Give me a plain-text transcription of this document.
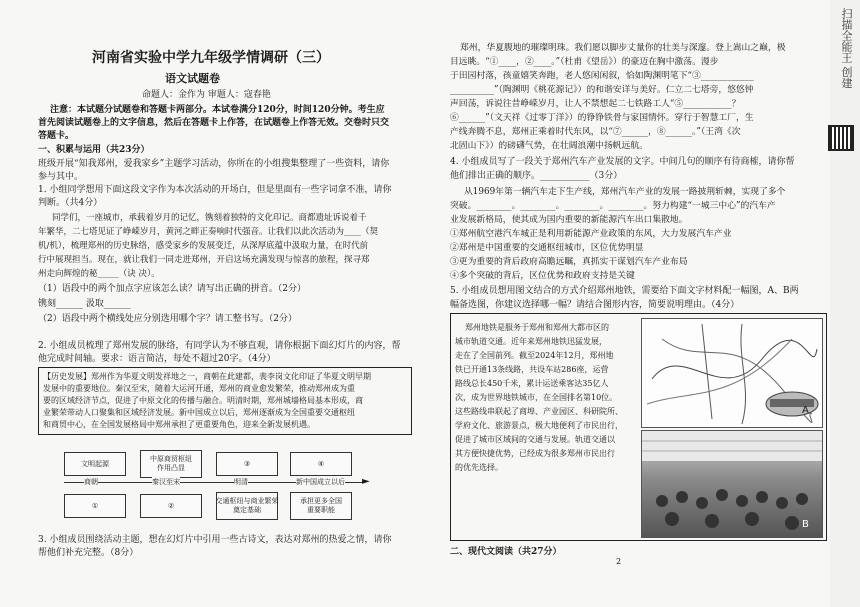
河南省实验中学九年级学情调研（三）
语文试题卷
命题人：金作为 审题人：寇春艳
注意：本试题分试题卷和答题卡两部分。本试卷满分120分，时间120分钟。考生应
首先阅读试题卷上的文字信息，然后在答题卡上作答，在试题卷上作答无效。交卷时只交
答题卡。
一、积累与运用（共23分）
班级开展“知我郑州，爱我家乡”主题学习活动，你所在的小组搜集整理了一些资料，请你
参与其中。
1. 小组同学想用下面这段文字作为本次活动的开场白，但是里面有一些字词拿不准，请你
判断。（共4分）
同学们，一座城市，承载着岁月的记忆，镌刻着独特的文化印记。商都遗址诉说着千
年繁华，二七塔见证了峥嵘岁月，黄河之畔正奏响时代强音。让我们以此次活动为____（契
机/机），梳理郑州的历史脉络，感受家乡的发展变迁，从深厚底蕴中汲取力量，在时代前
行中展现担当。现在，就让我们一同走进郑州，开启这场充满发现与惊喜的旅程，探寻郑
州走向辉煌的秘_____（诀 决）。
（1）语段中的两个加点字应该怎么读？请写出正确的拼音。（2分）
镌刻______ 汲取______
（2）语段中两个横线处应分别选用哪个字？请工整书写。（2分）
2. 小组成员梳理了郑州发展的脉络，有同学认为不够直观，请你根据下面幻灯片的内容，帮
他完成时间轴。要求：语言简洁，每处不超过20字。（4分）
【历史发展】郑州作为华夏文明发祥地之一，商朝在此建都，裴李岗文化印证了华夏文明早期
发展中的重要地位。秦汉至宋，随着大运河开通，郑州的商业愈发繁荣，推动郑州成为重
要的区域经济节点，促进了中原文化的传播与融合。明清时期，郑州城墙格局基本形成，商
业繁荣带动人口聚集和区域经济发展。新中国成立以后，郑州逐渐成为全国重要交通枢纽
和商贸中心，在全国发展格局中郑州承担了更重要角色，迎来全新发展机遇。
文明起源
中原商贸枢纽
作用凸显
③	④
►
商朝	秦汉至宋	明清	新中国成立以后
①	②
交通枢纽与商业繁荣
奠定基础
承担更多全国
重要职能
3. 小组成员围绕活动主题，想在幻灯片中引用一些古诗文，表达对郑州的热爱之情，请你
帮他们补充完整。（8分）
郑州，华夏腹地的璀璨明珠。我们愿以脚步丈量你的壮美与深邃。登上嵩山之巅，极
目远眺。“①____，②____。”（杜甫《望岳》）的豪迈在胸中激荡。漫步
于田园村落，孩童嬉笑奔跑，老人悠闲闲叙，恰如陶渊明笔下“③____________
__________”（陶渊明《桃花源记》）的和谐安详与美好。仁立二七塔旁，悠悠钟
声回荡，诉说往昔峥嵘岁月，让人不禁想起二七铁路工人“⑤___________？
⑥______”（文天祥《过零丁洋》）的铮铮铁骨与家国情怀。穿行于智慧工厂，生
产线奔腾不息，郑州正乘着时代东风，以“⑦______，⑧______。”（王湾《次
北固山下》）的磅礴气势，在壮阔浪潮中扬帆远航。
4. 小组成员写了一段关于郑州汽车产业发展的文字。中间几句的顺序有待商榷，请你帮
他们排出正确的顺序。___________（3分）
从1969年第一辆汽车走下生产线，郑州汽车产业的发展一路披荆斩棘，实现了多个
突破。________。________。________。________。努力构建“一城三中心”的汽车产
业发展新格局，使其成为国内重要的新能源汽车出口集散地。
①郑州航空港汽车城正是利用新能源产业政策的东风，大力发展汽车产业
②郑州是中国重要的交通枢纽城市，区位优势明显
③更为重要的背后政府高瞻远瞩，真抓实干谋划汽车产业布局
④多个突破的背后，区位优势和政府支持是关键
5. 小组成员想用图文结合的方式介绍郑州地铁，需要给下面文字材料配一幅图，A、B两
幅备选图，你建议选择哪一幅？请结合图形内容，简要说明理由。（4分）
郑州地铁是服务于郑州和郑州大都市区的
城市轨道交通。近年来郑州地铁迅猛发展，
走在了全国前列。截至2024年12月，郑州地
铁已开通13条线路，共设车站286座，运营
路线总长450千米，累计运送乘客达35亿人
次，成为世界地铁城市，在全国排名第10位。
这些路线串联起了商埠、产业园区、科研院所、
学府文化、旅游景点，极大地便利了市民出行，
促进了城市区域间的交通与发展。轨道交通以
其方便快捷优势，已经成为很多郑州市民出行
的优先选择。
A
B
二、现代文阅读（共27分）
2
扫描全能王 创建
